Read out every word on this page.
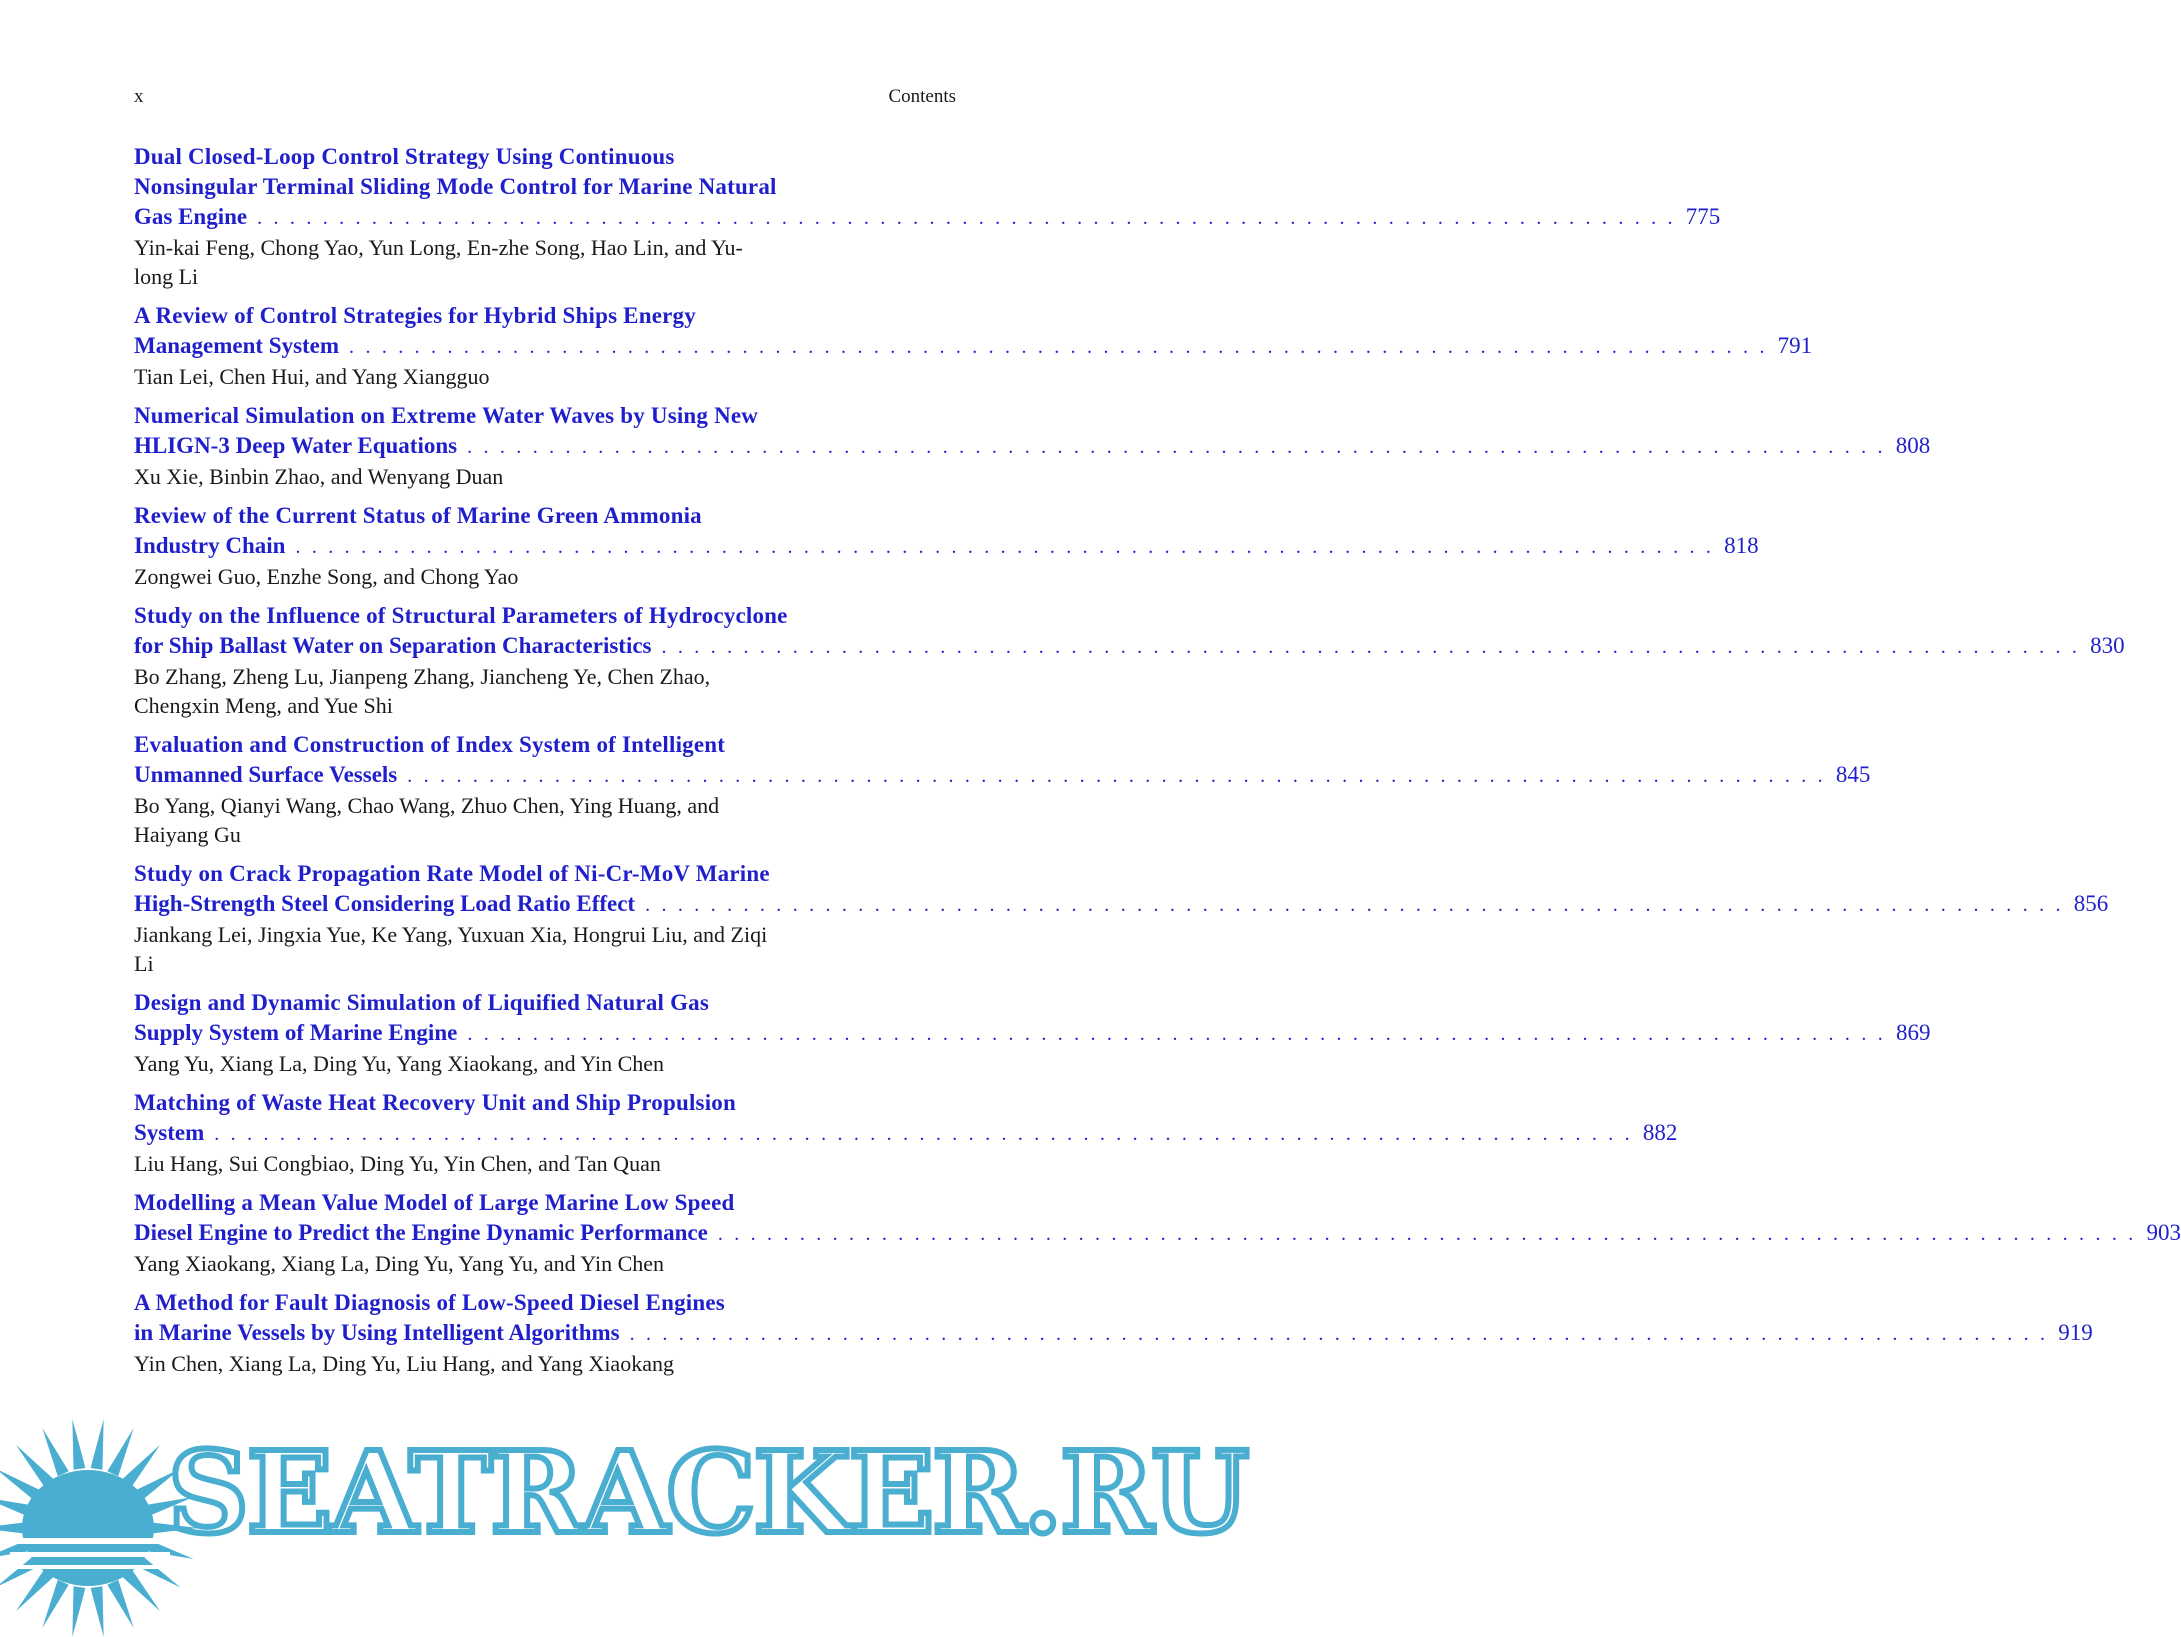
x	Contents
Dual Closed-Loop Control Strategy Using Continuous
Nonsingular Terminal Sliding Mode Control for Marine Natural
Gas Engine . . .	775
Yin-kai Feng, Chong Yao, Yun Long, En-zhe Song, Hao Lin, and Yu-long Li
A Review of Control Strategies for Hybrid Ships Energy
Management System . . .	791
Tian Lei, Chen Hui, and Yang Xiangguo
Numerical Simulation on Extreme Water Waves by Using New
HLIGN-3 Deep Water Equations . . .	808
Xu Xie, Binbin Zhao, and Wenyang Duan
Review of the Current Status of Marine Green Ammonia
Industry Chain . . .	818
Zongwei Guo, Enzhe Song, and Chong Yao
Study on the Influence of Structural Parameters of Hydrocyclone
for Ship Ballast Water on Separation Characteristics . . .	830
Bo Zhang, Zheng Lu, Jianpeng Zhang, Jiancheng Ye, Chen Zhao, Chengxin Meng, and Yue Shi
Evaluation and Construction of Index System of Intelligent
Unmanned Surface Vessels . . .	845
Bo Yang, Qianyi Wang, Chao Wang, Zhuo Chen, Ying Huang, and Haiyang Gu
Study on Crack Propagation Rate Model of Ni-Cr-MoV Marine
High-Strength Steel Considering Load Ratio Effect . . .	856
Jiankang Lei, Jingxia Yue, Ke Yang, Yuxuan Xia, Hongrui Liu, and Ziqi Li
Design and Dynamic Simulation of Liquified Natural Gas
Supply System of Marine Engine . . .	869
Yang Yu, Xiang La, Ding Yu, Yang Xiaokang, and Yin Chen
Matching of Waste Heat Recovery Unit and Ship Propulsion
System . . .	882
Liu Hang, Sui Congbiao, Ding Yu, Yin Chen, and Tan Quan
Modelling a Mean Value Model of Large Marine Low Speed
Diesel Engine to Predict the Engine Dynamic Performance . . .	903
Yang Xiaokang, Xiang La, Ding Yu, Yang Yu, and Yin Chen
A Method for Fault Diagnosis of Low-Speed Diesel Engines
in Marine Vessels by Using Intelligent Algorithms . . .	919
Yin Chen, Xiang La, Ding Yu, Liu Hang, and Yang Xiaokang
SEATRACKER.RU
